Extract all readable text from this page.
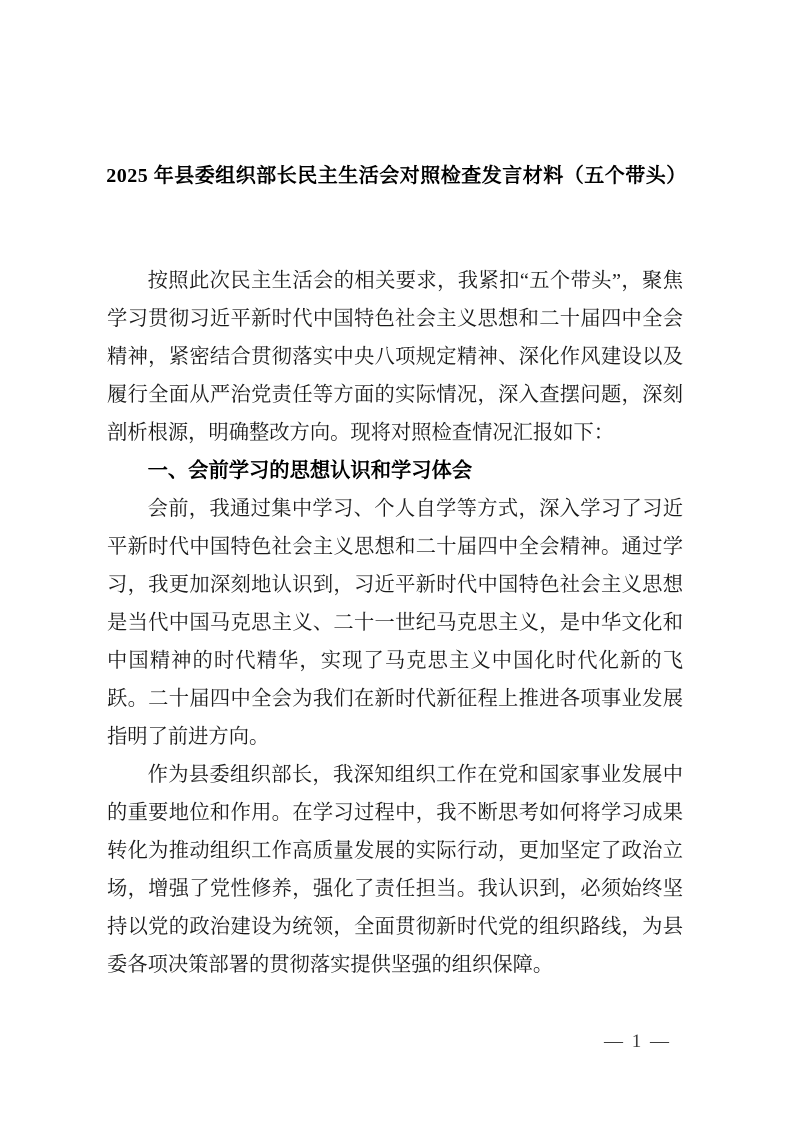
2025 年县委组织部长民主生活会对照检查发言材料（五个带头）

按照此次民主生活会的相关要求，我紧扣“五个带头”，聚焦学习贯彻习近平新时代中国特色社会主义思想和二十届四中全会精神，紧密结合贯彻落实中央八项规定精神、深化作风建设以及履行全面从严治党责任等方面的实际情况，深入查摆问题，深刻剖析根源，明确整改方向。现将对照检查情况汇报如下：

一、会前学习的思想认识和学习体会

会前，我通过集中学习、个人自学等方式，深入学习了习近平新时代中国特色社会主义思想和二十届四中全会精神。通过学习，我更加深刻地认识到，习近平新时代中国特色社会主义思想是当代中国马克思主义、二十一世纪马克思主义，是中华文化和中国精神的时代精华，实现了马克思主义中国化时代化新的飞跃。二十届四中全会为我们在新时代新征程上推进各项事业发展指明了前进方向。

作为县委组织部长，我深知组织工作在党和国家事业发展中的重要地位和作用。在学习过程中，我不断思考如何将学习成果转化为推动组织工作高质量发展的实际行动，更加坚定了政治立场，增强了党性修养，强化了责任担当。我认识到，必须始终坚持以党的政治建设为统领，全面贯彻新时代党的组织路线，为县委各项决策部署的贯彻落实提供坚强的组织保障。

— 1 —
